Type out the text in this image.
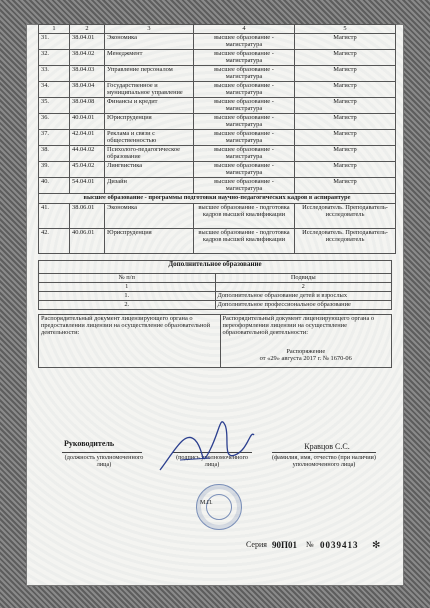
1	2	3	4	5
31.	38.04.01	Экономика	высшее образование - магистратура	Магистр
32.	38.04.02	Менеджмент	высшее образование - магистратура	Магистр
33.	38.04.03	Управление персоналом	высшее образование - магистратура	Магистр
34.	38.04.04	Государственное и муниципальное управление	высшее образование - магистратура	Магистр
35.	38.04.08	Финансы и кредит	высшее образование - магистратура	Магистр
36.	40.04.01	Юриспруденция	высшее образование - магистратура	Магистр
37.	42.04.01	Реклама и связи с общественностью	высшее образование - магистратура	Магистр
38.	44.04.02	Психолого-педагогическое образование	высшее образование - магистратура	Магистр
39.	45.04.02	Лингвистика	высшее образование - магистратура	Магистр
40.	54.04.01	Дизайн	высшее образование - магистратура	Магистр
высшее образование - программы подготовки научно-педагогических кадров в аспирантуре				
41.	38.06.01	Экономика	высшее образование - подготовка кадров высшей квалификации	Исследователь. Преподаватель-исследователь
42.	40.06.01	Юриспруденция	высшее образование - подготовка кадров высшей квалификации	Исследователь. Преподаватель-исследователь
Дополнительное образование	
№ п/п	Подвиды
1	2
1.	Дополнительное образование детей и взрослых
2.	Дополнительное профессиональное образование
Распорядительный документ лицензирующего органа о предоставлении лицензии на осуществление образовательной деятельности:

Распорядительный документ лицензирующего органа о переоформлении лицензии на осуществление образовательной деятельности:
Распоряжение
от «29» августа 2017 г. № 1670-06
Руководитель
(должность уполномоченного лица)
(подпись уполномоченного лица)
Кравцов С.С.
(фамилия, имя, отчество (при наличии) уполномоченного лица)
М.П.
Серия 90П01 № 0039413 ✻
